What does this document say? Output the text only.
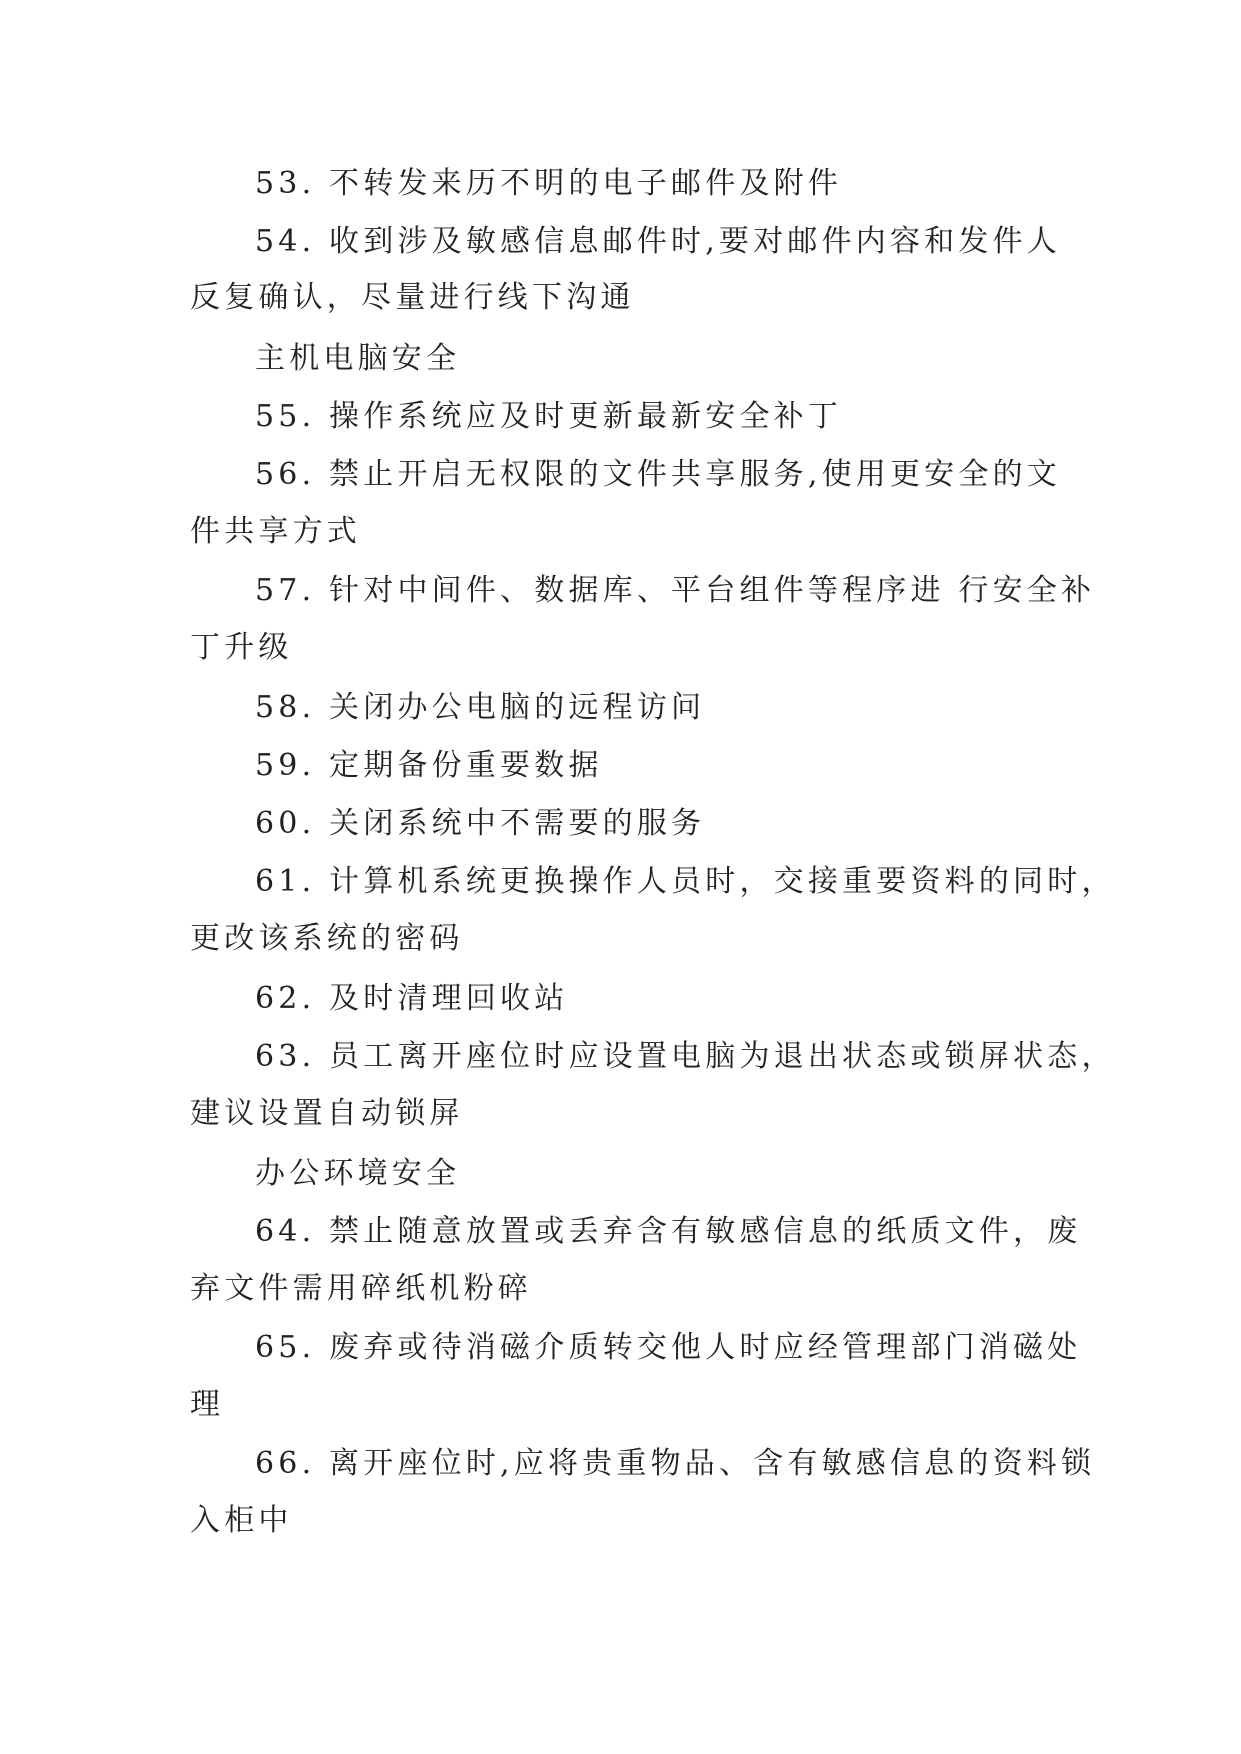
53. 不转发来历不明的电子邮件及附件
54. 收到涉及敏感信息邮件时,要对邮件内容和发件人
反复确认，尽量进行线下沟通
主机电脑安全
55. 操作系统应及时更新最新安全补丁
56. 禁止开启无权限的文件共享服务,使用更安全的文
件共享方式
57. 针对中间件、数据库、平台组件等程序进 行安全补
丁升级
58. 关闭办公电脑的远程访问
59. 定期备份重要数据
60. 关闭系统中不需要的服务
61. 计算机系统更换操作人员时，交接重要资料的同时，
更改该系统的密码
62. 及时清理回收站
63. 员工离开座位时应设置电脑为退出状态或锁屏状态，
建议设置自动锁屏
办公环境安全
64. 禁止随意放置或丢弃含有敏感信息的纸质文件，废
弃文件需用碎纸机粉碎
65. 废弃或待消磁介质转交他人时应经管理部门消磁处
理
66. 离开座位时,应将贵重物品、含有敏感信息的资料锁
入柜中
